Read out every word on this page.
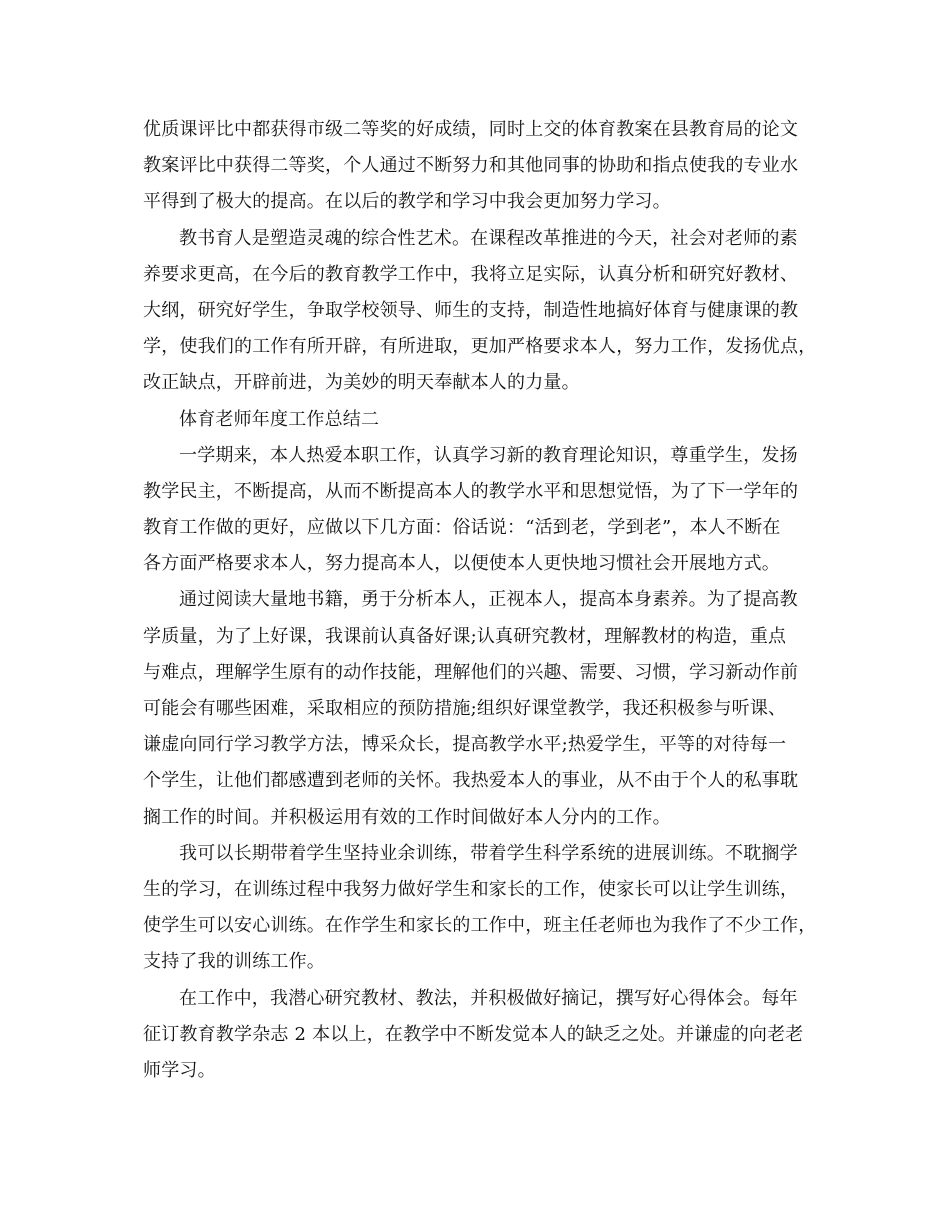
优质课评比中都获得市级二等奖的好成绩，同时上交的体育教案在县教育局的论文
教案评比中获得二等奖，个人通过不断努力和其他同事的协助和指点使我的专业水
平得到了极大的提高。在以后的教学和学习中我会更加努力学习。
教书育人是塑造灵魂的综合性艺术。在课程改革推进的今天，社会对老师的素
养要求更高，在今后的教育教学工作中，我将立足实际，认真分析和研究好教材、
大纲，研究好学生，争取学校领导、师生的支持，制造性地搞好体育与健康课的教
学，使我们的工作有所开辟，有所进取，更加严格要求本人，努力工作，发扬优点，
改正缺点，开辟前进，为美妙的明天奉献本人的力量。
体育老师年度工作总结二
一学期来，本人热爱本职工作，认真学习新的教育理论知识，尊重学生，发扬
教学民主，不断提高，从而不断提高本人的教学水平和思想觉悟，为了下一学年的
教育工作做的更好，应做以下几方面：俗话说：“活到老，学到老”，本人不断在
各方面严格要求本人，努力提高本人，以便使本人更快地习惯社会开展地方式。
通过阅读大量地书籍，勇于分析本人，正视本人，提高本身素养。为了提高教
学质量，为了上好课，我课前认真备好课;认真研究教材，理解教材的构造，重点
与难点，理解学生原有的动作技能，理解他们的兴趣、需要、习惯，学习新动作前
可能会有哪些困难，采取相应的预防措施;组织好课堂教学，我还积极参与听课、
谦虚向同行学习教学方法，博采众长，提高教学水平;热爱学生，平等的对待每一
个学生，让他们都感遭到老师的关怀。我热爱本人的事业，从不由于个人的私事耽
搁工作的时间。并积极运用有效的工作时间做好本人分内的工作。
我可以长期带着学生坚持业余训练，带着学生科学系统的进展训练。不耽搁学
生的学习，在训练过程中我努力做好学生和家长的工作，使家长可以让学生训练，
使学生可以安心训练。在作学生和家长的工作中，班主任老师也为我作了不少工作，
支持了我的训练工作。
在工作中，我潜心研究教材、教法，并积极做好摘记，撰写好心得体会。每年
征订教育教学杂志 2 本以上，在教学中不断发觉本人的缺乏之处。并谦虚的向老老
师学习。
